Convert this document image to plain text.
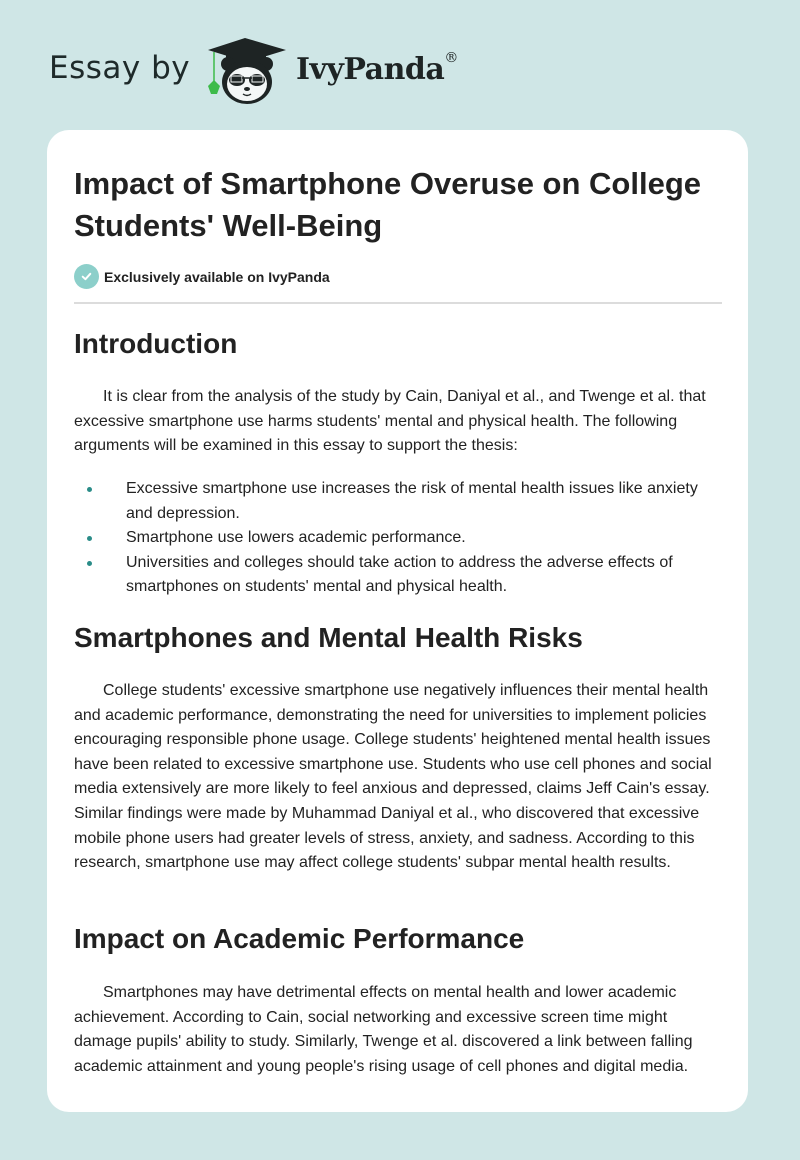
Essay by	IvyPanda®
Impact of Smartphone Overuse on College Students' Well-Being
Exclusively available on IvyPanda
Introduction

It is clear from the analysis of the study by Cain, Daniyal et al., and Twenge et al. that excessive smartphone use harms students' mental and physical health. The following arguments will be examined in this essay to support the thesis:

Excessive smartphone use increases the risk of mental health issues like anxiety and depression.
Smartphone use lowers academic performance.
Universities and colleges should take action to address the adverse effects of smartphones on students' mental and physical health.
Smartphones and Mental Health Risks

College students' excessive smartphone use negatively influences their mental health and academic performance, demonstrating the need for universities to implement policies encouraging responsible phone usage. College students' heightened mental health issues have been related to excessive smartphone use. Students who use cell phones and social media extensively are more likely to feel anxious and depressed, claims Jeff Cain's essay. Similar findings were made by Muhammad Daniyal et al., who discovered that excessive mobile phone users had greater levels of stress, anxiety, and sadness. According to this research, smartphone use may affect college students' subpar mental health results.

Impact on Academic Performance

Smartphones may have detrimental effects on mental health and lower academic achievement. According to Cain, social networking and excessive screen time might damage pupils' ability to study. Similarly, Twenge et al. discovered a link between falling academic attainment and young people's rising usage of cell phones and digital media.
